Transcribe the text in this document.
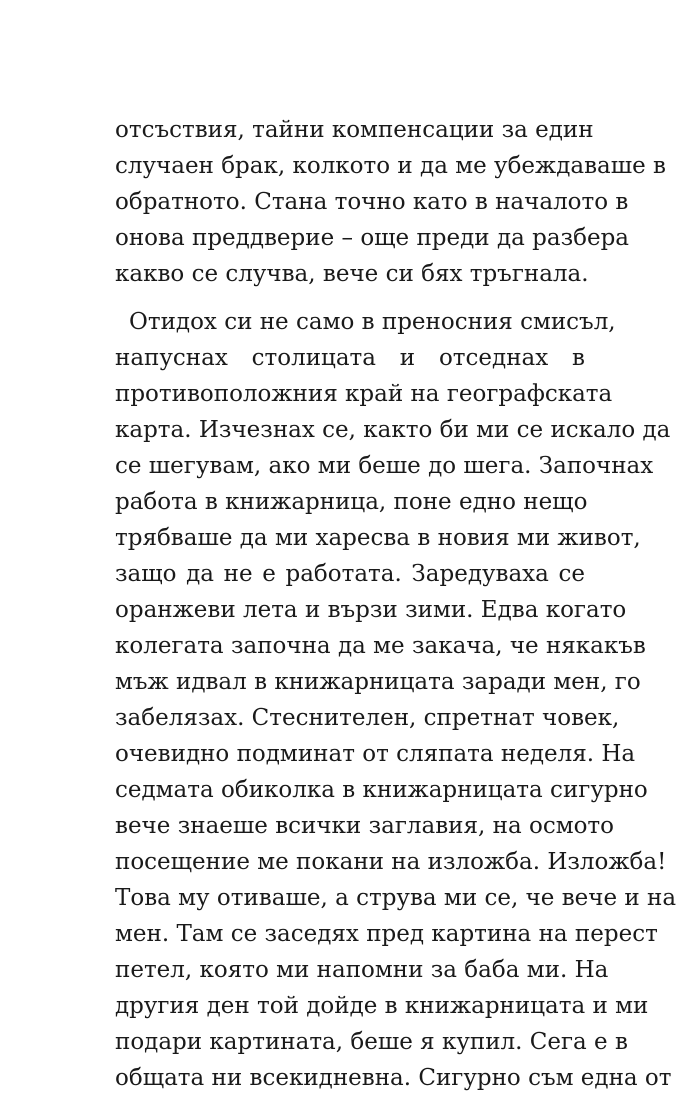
отсъствия, тайни компенсации за един
случаен брак, колкото и да ме убеждаваше в
обратното. Стана точно като в началото в
онова преддверие – още преди да разбера
какво се случва, вече си бях тръгнала.
Отидох си не само в преносния смисъл,
напуснах столицата и отседнах в
противоположния край на географската
карта. Изчезнах се, както би ми се искало да
се шегувам, ако ми беше до шега. Започнах
работа в книжарница, поне едно нещо
трябваше да ми харесва в новия ми живот,
защо да не е работата. Заредуваха се
оранжеви лета и вързи зими. Едва когато
колегата започна да ме закача, че някакъв
мъж идвал в книжарницата заради мен, го
забелязах. Стеснителен, спретнат човек,
очевидно подминат от сляпата неделя. На
седмата обиколка в книжарницата сигурно
вече знаеше всички заглавия, на осмото
посещение ме покани на изложба. Изложба!
Това му отиваше, а струва ми се, че вече и на
мен. Там се заседях пред картина на перест
петел, която ми напомни за баба ми. На
другия ден той дойде в книжарницата и ми
подари картината, беше я купил. Сега е в
общата ни всекидневна. Сигурно съм една от
